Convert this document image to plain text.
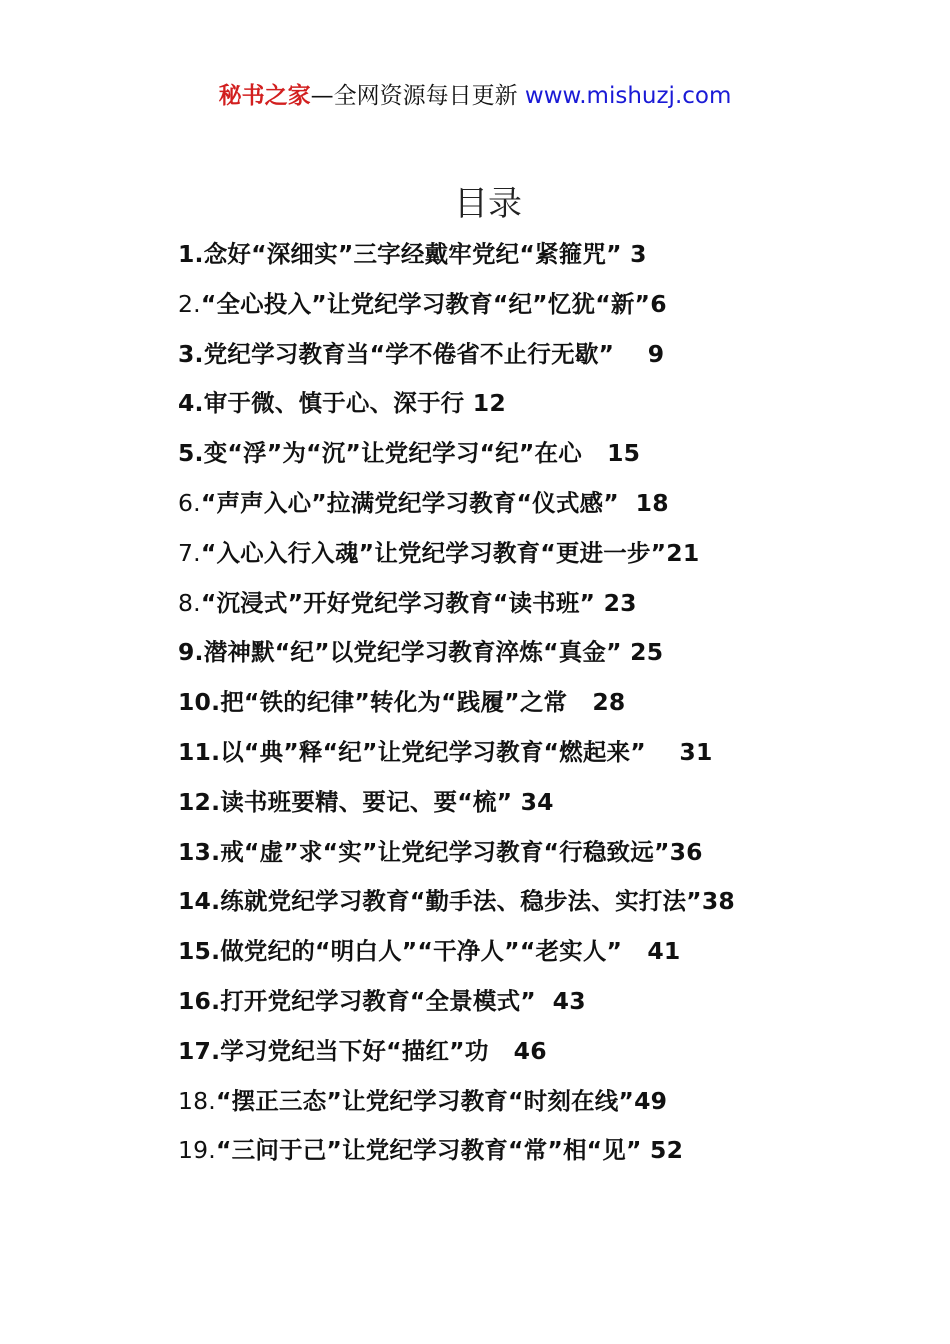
秘书之家—全网资源每日更新 www.mishuzj.com
目录
1.念好“深细实”三字经戴牢党纪“紧箍咒” 3
2.“全心投入”让党纪学习教育“纪”忆犹“新”6
3.党纪学习教育当“学不倦省不止行无歇”    9
4.审于微、慎于心、深于行 12
5.变“浮”为“沉”让党纪学习“纪”在心   15
6.“声声入心”拉满党纪学习教育“仪式感”  18
7.“入心入行入魂”让党纪学习教育“更进一步”21
8.“沉浸式”开好党纪学习教育“读书班” 23
9.潜神默“纪”以党纪学习教育淬炼“真金” 25
10.把“铁的纪律”转化为“践履”之常   28
11.以“典”释“纪”让党纪学习教育“燃起来”    31
12.读书班要精、要记、要“梳” 34
13.戒“虚”求“实”让党纪学习教育“行稳致远”36
14.练就党纪学习教育“勤手法、稳步法、实打法”38
15.做党纪的“明白人”“干净人”“老实人”   41
16.打开党纪学习教育“全景模式”  43
17.学习党纪当下好“描红”功   46
18.“摆正三态”让党纪学习教育“时刻在线”49
19.“三问于己”让党纪学习教育“常”相“见” 52
